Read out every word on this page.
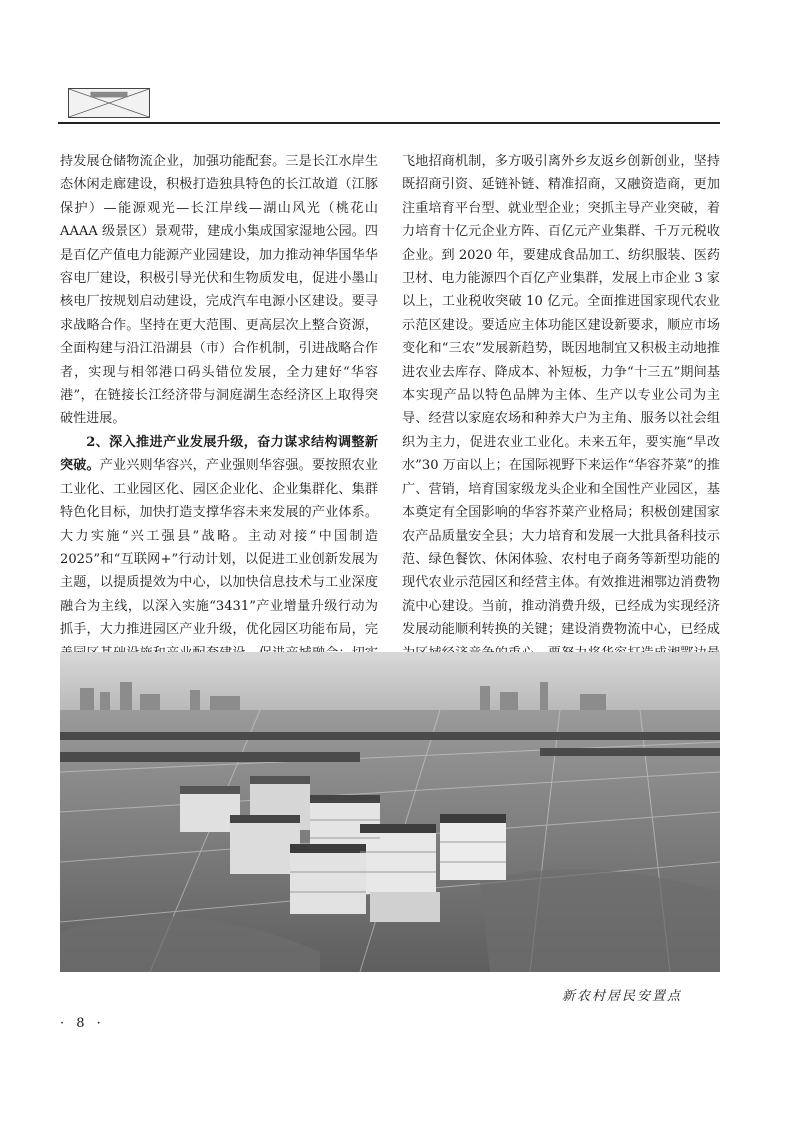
持发展仓储物流企业，加强功能配套。三是长江水岸生态休闲走廊建设，积极打造独具特色的长江故道（江豚保护）—能源观光—长江岸线—湖山风光（桃花山 AAAA 级景区）景观带，建成小集成国家湿地公园。四是百亿产值电力能源产业园建设，加力推动神华国华华容电厂建设，积极引导光伏和生物质发电，促进小墨山核电厂按规划启动建设，完成汽车电源小区建设。要寻求战略合作。坚持在更大范围、更高层次上整合资源，全面构建与沿江沿湖县（市）合作机制，引进战略合作者，实现与相邻港口码头错位发展，全力建好“华容港”，在链接长江经济带与洞庭湖生态经济区上取得突破性进展。

2、深入推进产业发展升级，奋力谋求结构调整新突破。产业兴则华容兴，产业强则华容强。要按照农业工业化、工业园区化、园区企业化、企业集群化、集群特色化目标，加快打造支撑华容未来发展的产业体系。大力实施“兴工强县”战略。主动对接“中国制造2025”和“互联网+”行动计划，以促进工业创新发展为主题，以提质提效为中心，以加快信息技术与工业深度融合为主线，以深入实施“3431”产业增量升级行动为抓手，大力推进园区产业升级，优化园区功能布局，完

飞地招商机制，多方吸引离外乡友返乡创新创业，坚持既招商引资、延链补链、精准招商，又融资造商，更加注重培育平台型、就业型企业；突抓主导产业突破，着力培育十亿元企业方阵、百亿元产业集群、千万元税收企业。到 2020 年，要建成食品加工、纺织服装、医药卫材、电力能源四个百亿产业集群，发展上市企业 3 家以上，工业税收突破 10 亿元。全面推进国家现代农业示范区建设。要适应主体功能区建设新要求，顺应市场变化和“三农”发展新趋势，既因地制宜又积极主动地推进农业去库存、降成本、补短板，力争“十三五”期间基本实现产品以特色品牌为主体、生产以专业公司为主导、经营以家庭农场和种养大户为主角、服务以社会组织为主力，促进农业工业化。未来五年，要实施“旱改水”30 万亩以上；在国际视野下来运作“华容芥菜”的推广、营销，培育国家级龙头企业和全国性产业园区，基本奠定有全国影响的华容芥菜产业格局；积极创建国家农产品质量安全县；大力培育和发展一大批具备科技示范、绿色餐饮、休闲体验、农村电子商务等新型功能的现代农业示范园区和经营主体。有效推进湘鄂边消费物流中心建设。当前，推动消费升级，已经成为实现经济发展动能顺利转换的关键；建设消费物流中心，已经成

新农村居民安置点
· 8 ·
